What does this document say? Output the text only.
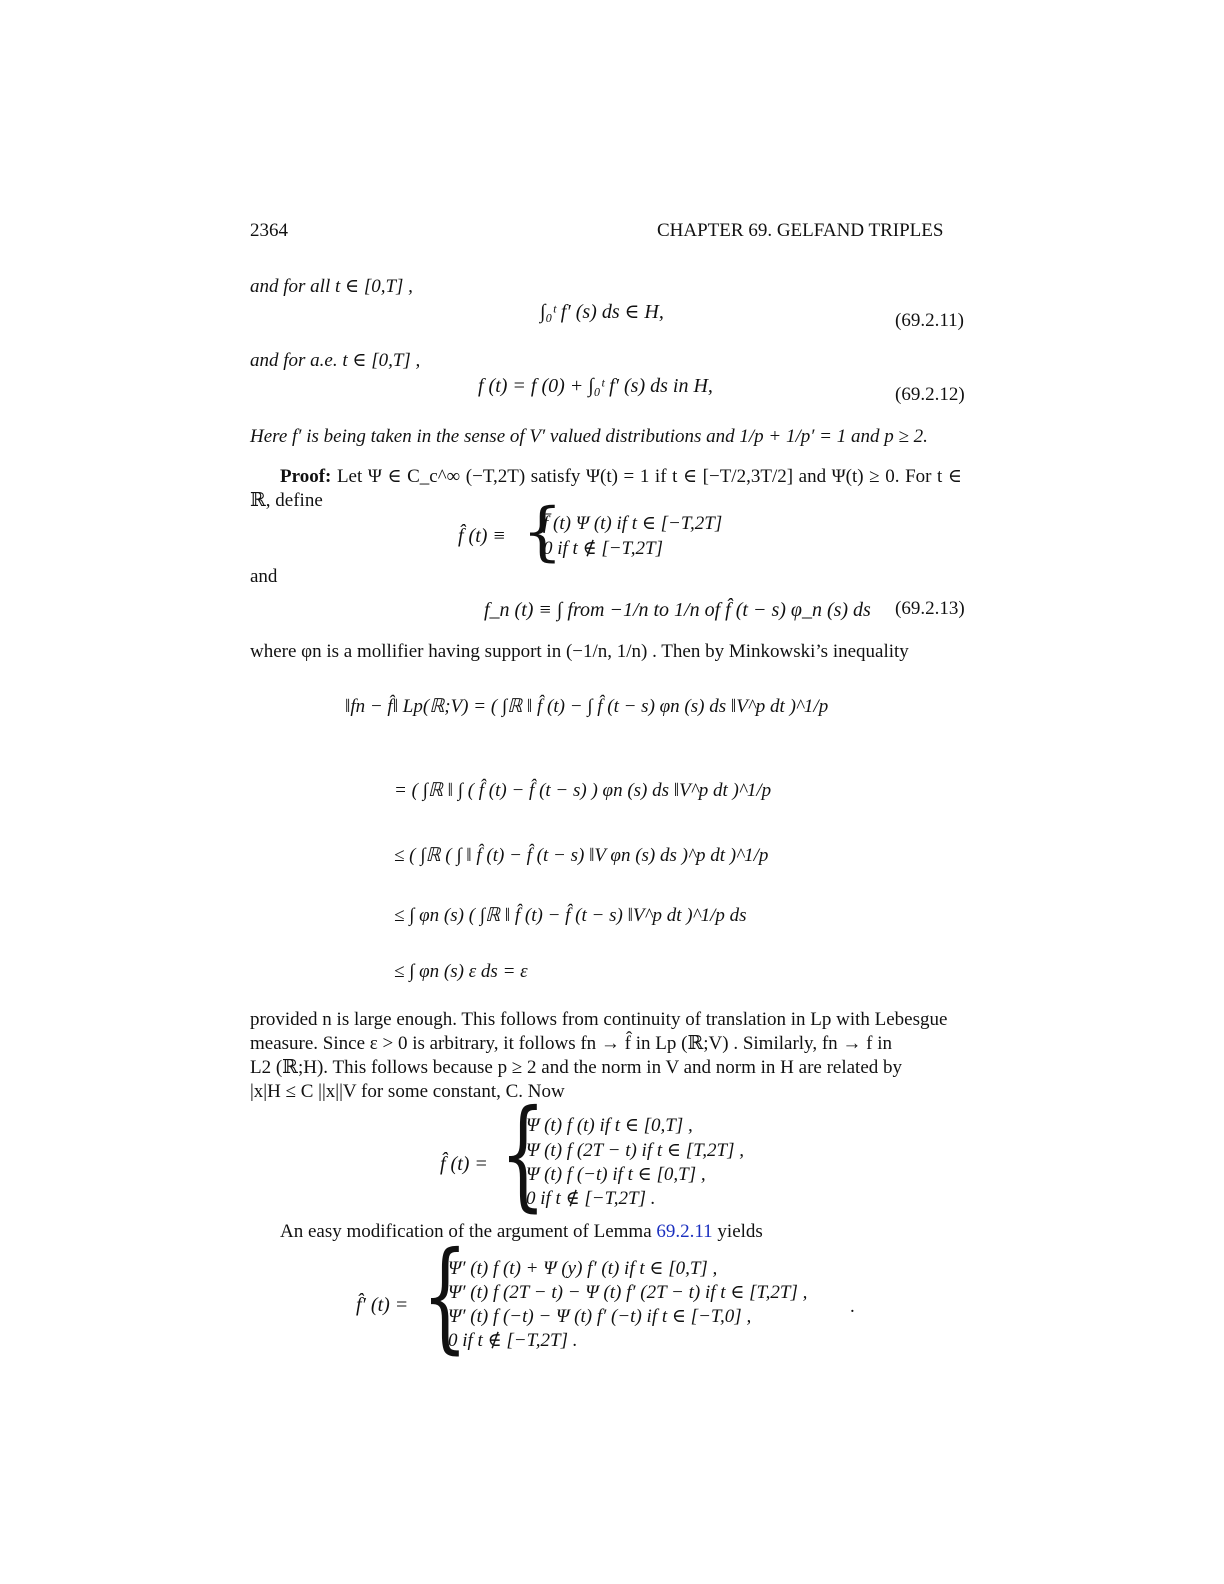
2364	CHAPTER 69. GELFAND TRIPLES
and for all t ∈ [0,T] ,
∫₀ᵗ f′ (s) ds ∈ H,	(69.2.11)
and for a.e. t ∈ [0,T] ,
f (t) = f (0) + ∫₀ᵗ f′ (s) ds in H,	(69.2.12)
Here f′ is being taken in the sense of V′ valued distributions and 1/p + 1/p′ = 1 and p ≥ 2.

Proof: Let Ψ ∈ C_c^∞ (−T,2T) satisfy Ψ(t) = 1 if t ∈ [−T/2,3T/2] and Ψ(t) ≥ 0. For t ∈ ℝ, define

f̂ (t) ≡ {
f̄ (t) Ψ (t) if t ∈ [−T,2T]
0 if t ∉ [−T,2T]
and
f_n (t) ≡ ∫ from −1/n to 1/n of f̂ (t − s) φ_n (s) ds (69.2.13)
where φn is a mollifier having support in (−1/n, 1/n) . Then by Minkowski’s inequality
‖fn − f̂‖ Lp(ℝ;V) = ( ∫ℝ ‖ f̂ (t) − ∫ f̂ (t − s) φn (s) ds ‖V^p dt )^1/p
= ( ∫ℝ ‖ ∫ ( f̂ (t) − f̂ (t − s) ) φn (s) ds ‖V^p dt )^1/p
≤ ( ∫ℝ ( ∫ ‖ f̂ (t) − f̂ (t − s) ‖V φn (s) ds )^p dt )^1/p
≤ ∫ φn (s) ( ∫ℝ ‖ f̂ (t) − f̂ (t − s) ‖V^p dt )^1/p ds
≤ ∫ φn (s) ε ds = ε

provided n is large enough. This follows from continuity of translation in Lp with Lebesgue

measure. Since ε > 0 is arbitrary, it follows fn → f̂ in Lp (ℝ;V) . Similarly, fn → f in

L2 (ℝ;H). This follows because p ≥ 2 and the norm in V and norm in H are related by

|x|H ≤ C ||x||V for some constant, C. Now

f̂ (t) = {
Ψ (t) f (t) if t ∈ [0,T] ,
Ψ (t) f (2T − t) if t ∈ [T,2T] ,
Ψ (t) f (−t) if t ∈ [0,T] ,
0 if t ∉ [−T,2T] .
An easy modification of the argument of Lemma 69.2.11 yields
f̂′ (t) = {
Ψ′ (t) f (t) + Ψ (y) f′ (t) if t ∈ [0,T] ,
Ψ′ (t) f (2T − t) − Ψ (t) f′ (2T − t) if t ∈ [T,2T] ,
Ψ′ (t) f (−t) − Ψ (t) f′ (−t) if t ∈ [−T,0] ,
0 if t ∉ [−T,2T] .
.
